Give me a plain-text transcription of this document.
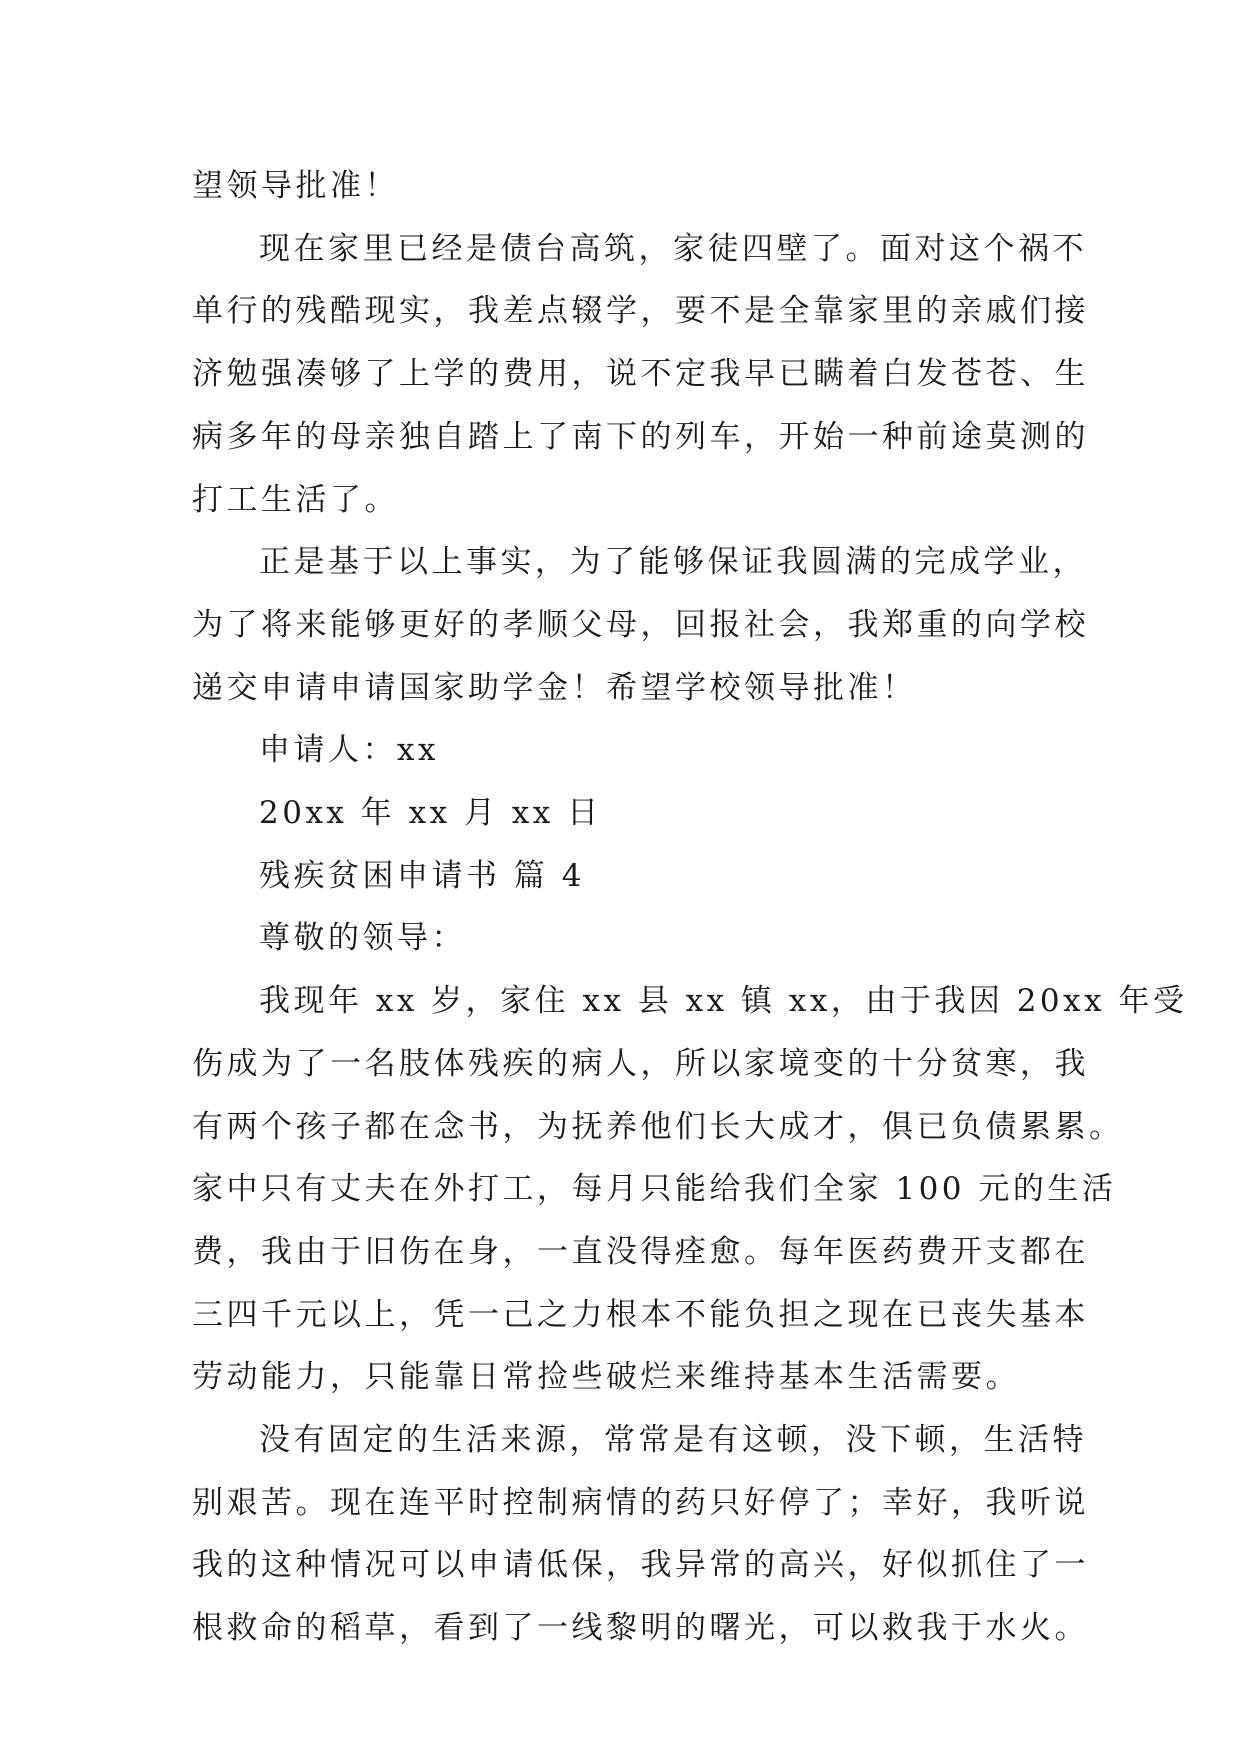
望领导批准！

现在家里已经是债台高筑，家徒四壁了。面对这个祸不

单行的残酷现实，我差点辍学，要不是全靠家里的亲戚们接

济勉强凑够了上学的费用，说不定我早已瞒着白发苍苍、生

病多年的母亲独自踏上了南下的列车，开始一种前途莫测的

打工生活了。

正是基于以上事实，为了能够保证我圆满的完成学业，

为了将来能够更好的孝顺父母，回报社会，我郑重的向学校

递交申请申请国家助学金！希望学校领导批准！

申请人：xx

20xx 年 xx 月 xx 日

残疾贫困申请书 篇 4

尊敬的领导：

我现年 xx 岁，家住 xx 县 xx 镇 xx，由于我因 20xx 年受

伤成为了一名肢体残疾的病人，所以家境变的十分贫寒，我

有两个孩子都在念书，为抚养他们长大成才，俱已负债累累。

家中只有丈夫在外打工，每月只能给我们全家 100 元的生活

费，我由于旧伤在身，一直没得痊愈。每年医药费开支都在

三四千元以上，凭一己之力根本不能负担之现在已丧失基本

劳动能力，只能靠日常捡些破烂来维持基本生活需要。

没有固定的生活来源，常常是有这顿，没下顿，生活特

别艰苦。现在连平时控制病情的药只好停了；幸好，我听说

我的这种情况可以申请低保，我异常的高兴，好似抓住了一

根救命的稻草，看到了一线黎明的曙光，可以救我于水火。
